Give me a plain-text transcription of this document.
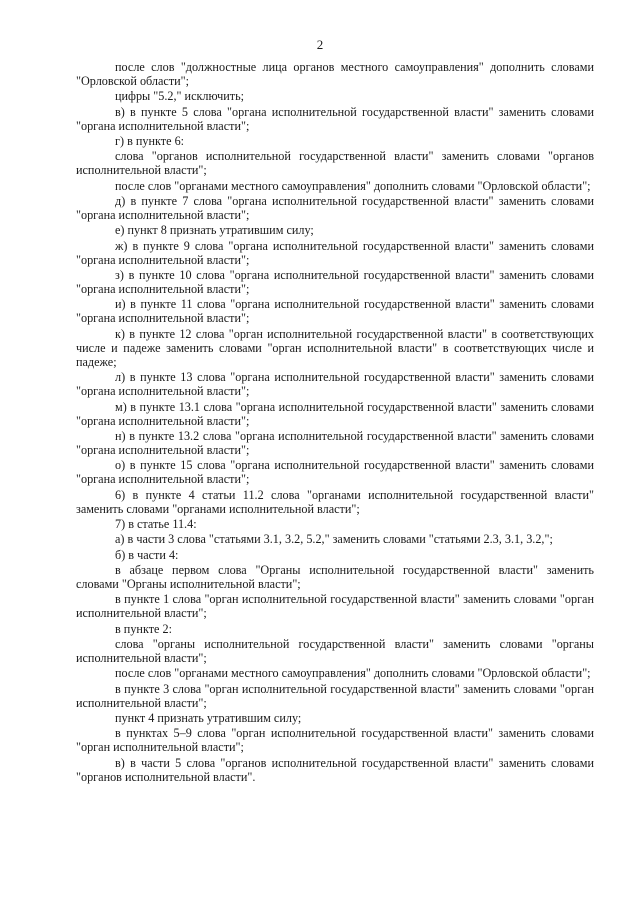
2

после слов "должностные лица органов местного самоуправления" дополнить словами "Орловской области";

цифры "5.2," исключить;

в) в пункте 5 слова "органа исполнительной государственной власти" заменить словами "органа исполнительной власти";

г) в пункте 6:

слова "органов исполнительной государственной власти" заменить словами "органов исполнительной власти";

после слов "органами местного самоуправления" дополнить словами "Орловской области";

д) в пункте 7 слова "органа исполнительной государственной власти" заменить словами "органа исполнительной власти";

е) пункт 8 признать утратившим силу;

ж) в пункте 9 слова "органа исполнительной государственной власти" заменить словами "органа исполнительной власти";

з) в пункте 10 слова "органа исполнительной государственной власти" заменить словами "органа исполнительной власти";

и) в пункте 11 слова "органа исполнительной государственной власти" заменить словами "органа исполнительной власти";

к) в пункте 12 слова "орган исполнительной государственной власти" в соответствующих числе и падеже заменить словами "орган исполнительной власти" в соответствующих числе и падеже;

л) в пункте 13 слова "органа исполнительной государственной власти" заменить словами "органа исполнительной власти";

м) в пункте 13.1 слова "органа исполнительной государственной власти" заменить словами "органа исполнительной власти";

н) в пункте 13.2 слова "органа исполнительной государственной власти" заменить словами "органа исполнительной власти";

о) в пункте 15 слова "органа исполнительной государственной власти" заменить словами "органа исполнительной власти";

6) в пункте 4 статьи 11.2 слова "органами исполнительной государственной власти" заменить словами "органами исполнительной власти";

7) в статье 11.4:

а) в части 3 слова "статьями 3.1, 3.2, 5.2," заменить словами "статьями 2.3, 3.1, 3.2,";

б) в части 4:

в абзаце первом слова "Органы исполнительной государственной власти" заменить словами "Органы исполнительной власти";

в пункте 1 слова "орган исполнительной государственной власти" заменить словами "орган исполнительной власти";

в пункте 2:

слова "органы исполнительной государственной власти" заменить словами "органы исполнительной власти";

после слов "органами местного самоуправления" дополнить словами "Орловской области";

в пункте 3 слова "орган исполнительной государственной власти" заменить словами "орган исполнительной власти";

пункт 4 признать утратившим силу;

в пунктах 5–9 слова "орган исполнительной государственной власти" заменить словами "орган исполнительной власти";

в) в части 5 слова "органов исполнительной государственной власти" заменить словами "органов исполнительной власти".
